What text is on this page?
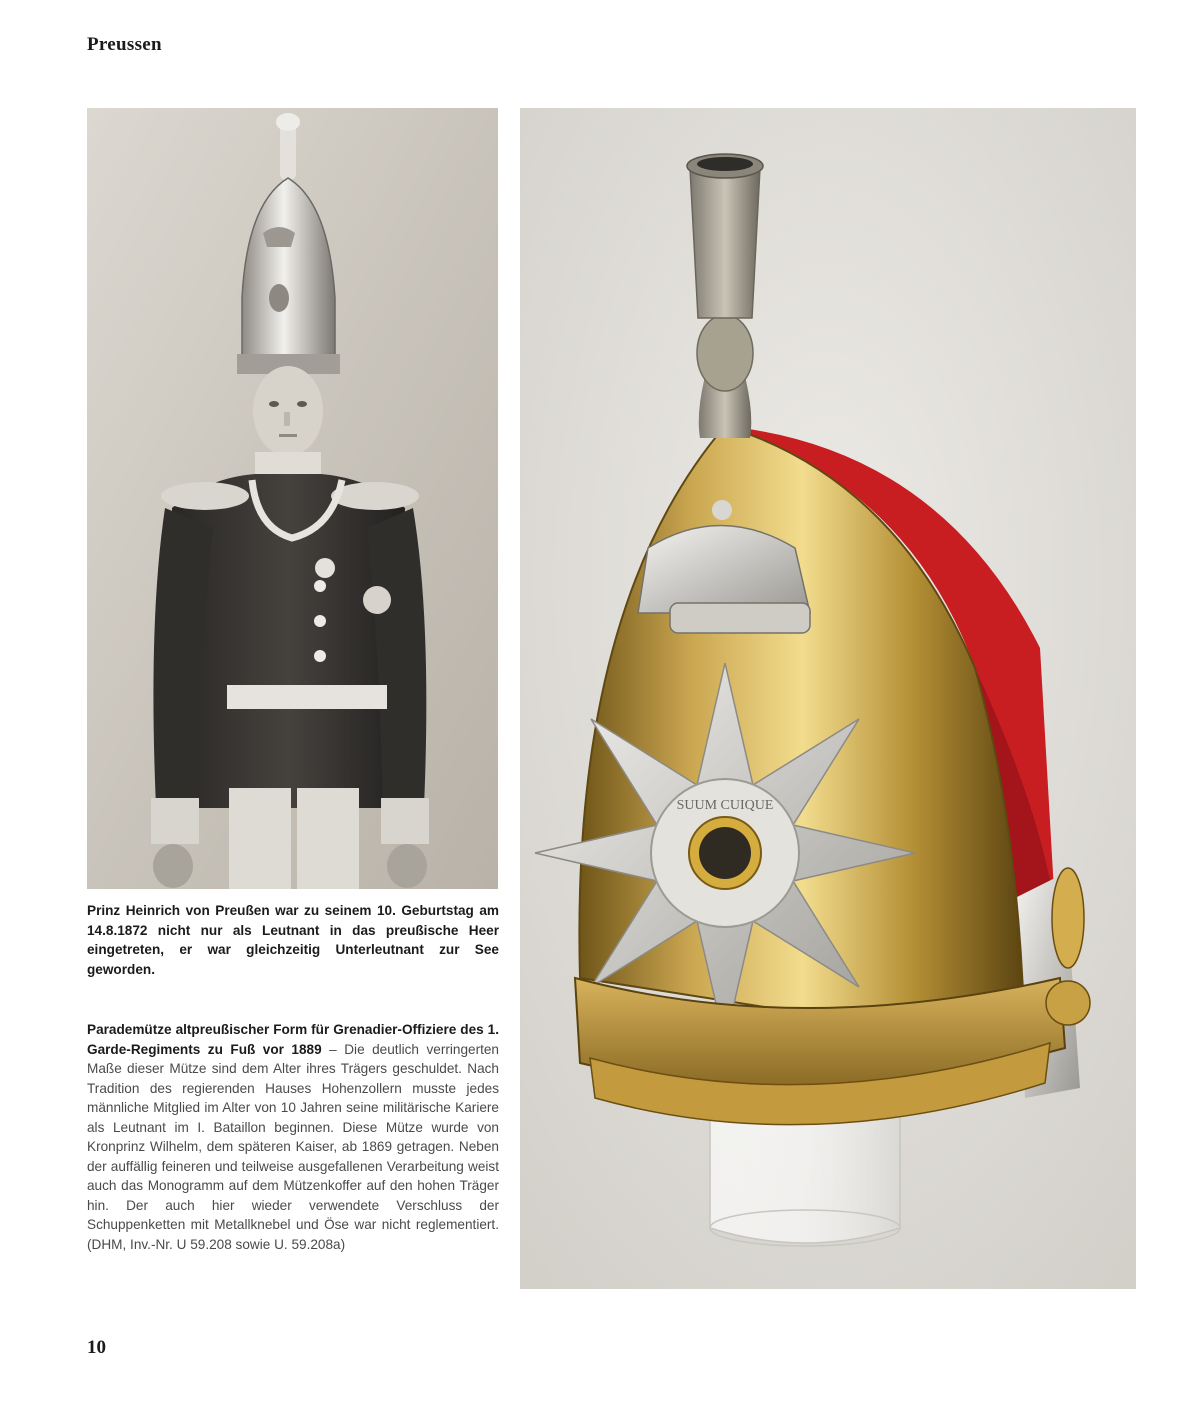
Preussen
SUUM CUIQUE
Prinz Heinrich von Preußen war zu seinem 10. Geburtstag am 14.8.1872 nicht nur als Leutnant in das preußische Heer eingetreten, er war gleichzeitig Unterleutnant zur See geworden.
Parademütze altpreußischer Form für Grenadier-Offiziere des 1. Garde-Regiments zu Fuß vor 1889 – Die deutlich verringerten Maße dieser Mütze sind dem Alter ihres Trägers geschuldet. Nach Tradition des regierenden Hauses Hohenzollern musste jedes männliche Mitglied im Alter von 10 Jahren seine militärische Kariere als Leutnant im I. Bataillon beginnen. Diese Mütze wurde von Kronprinz Wilhelm, dem späteren Kaiser, ab 1869 getragen. Neben der auffällig feineren und teilweise ausgefallenen Verarbeitung weist auch das Monogramm auf dem Mützenkoffer auf den hohen Träger hin. Der auch hier wieder verwendete Verschluss der Schuppenketten mit Metallknebel und Öse war nicht reglementiert. (DHM, Inv.-Nr. U 59.208 sowie U. 59.208a)
10
